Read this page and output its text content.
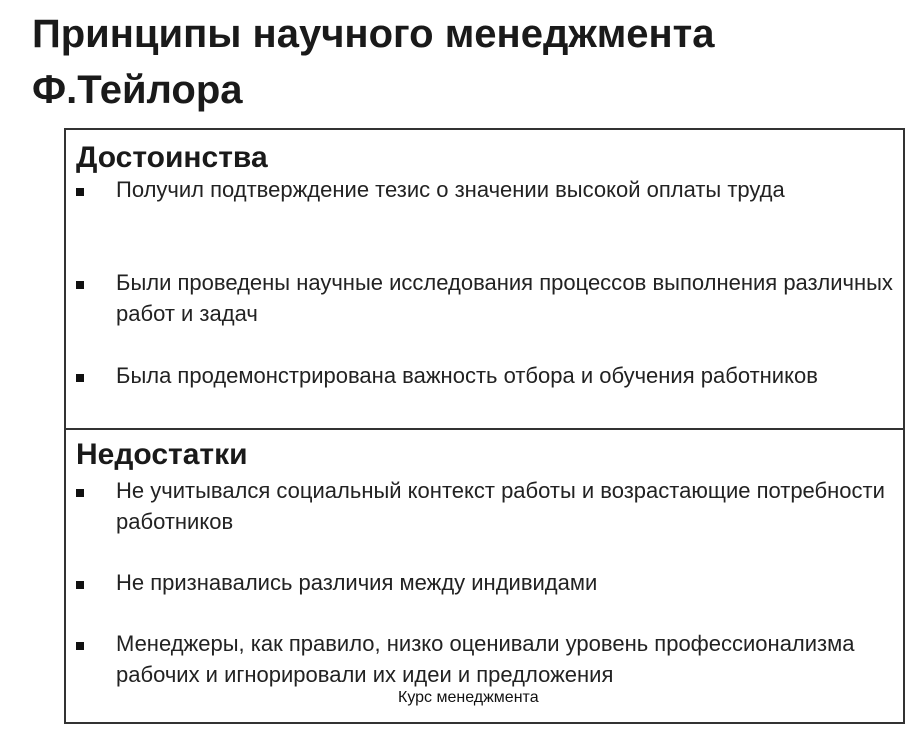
Принципы научного менеджмента Ф.Тейлора
Достоинства
Получил подтверждение тезис о значении высокой оплаты труда
Были проведены научные исследования процессов выполнения различных работ и задач
Была продемонстрирована важность отбора и обучения работников
Недостатки
Не учитывался социальный контекст работы и возрастающие потребности работников
Не признавались различия между индивидами
Менеджеры, как правило, низко оценивали уровень профессионализма рабочих и игнорировали их идеи и предложения
Курс менеджмента
